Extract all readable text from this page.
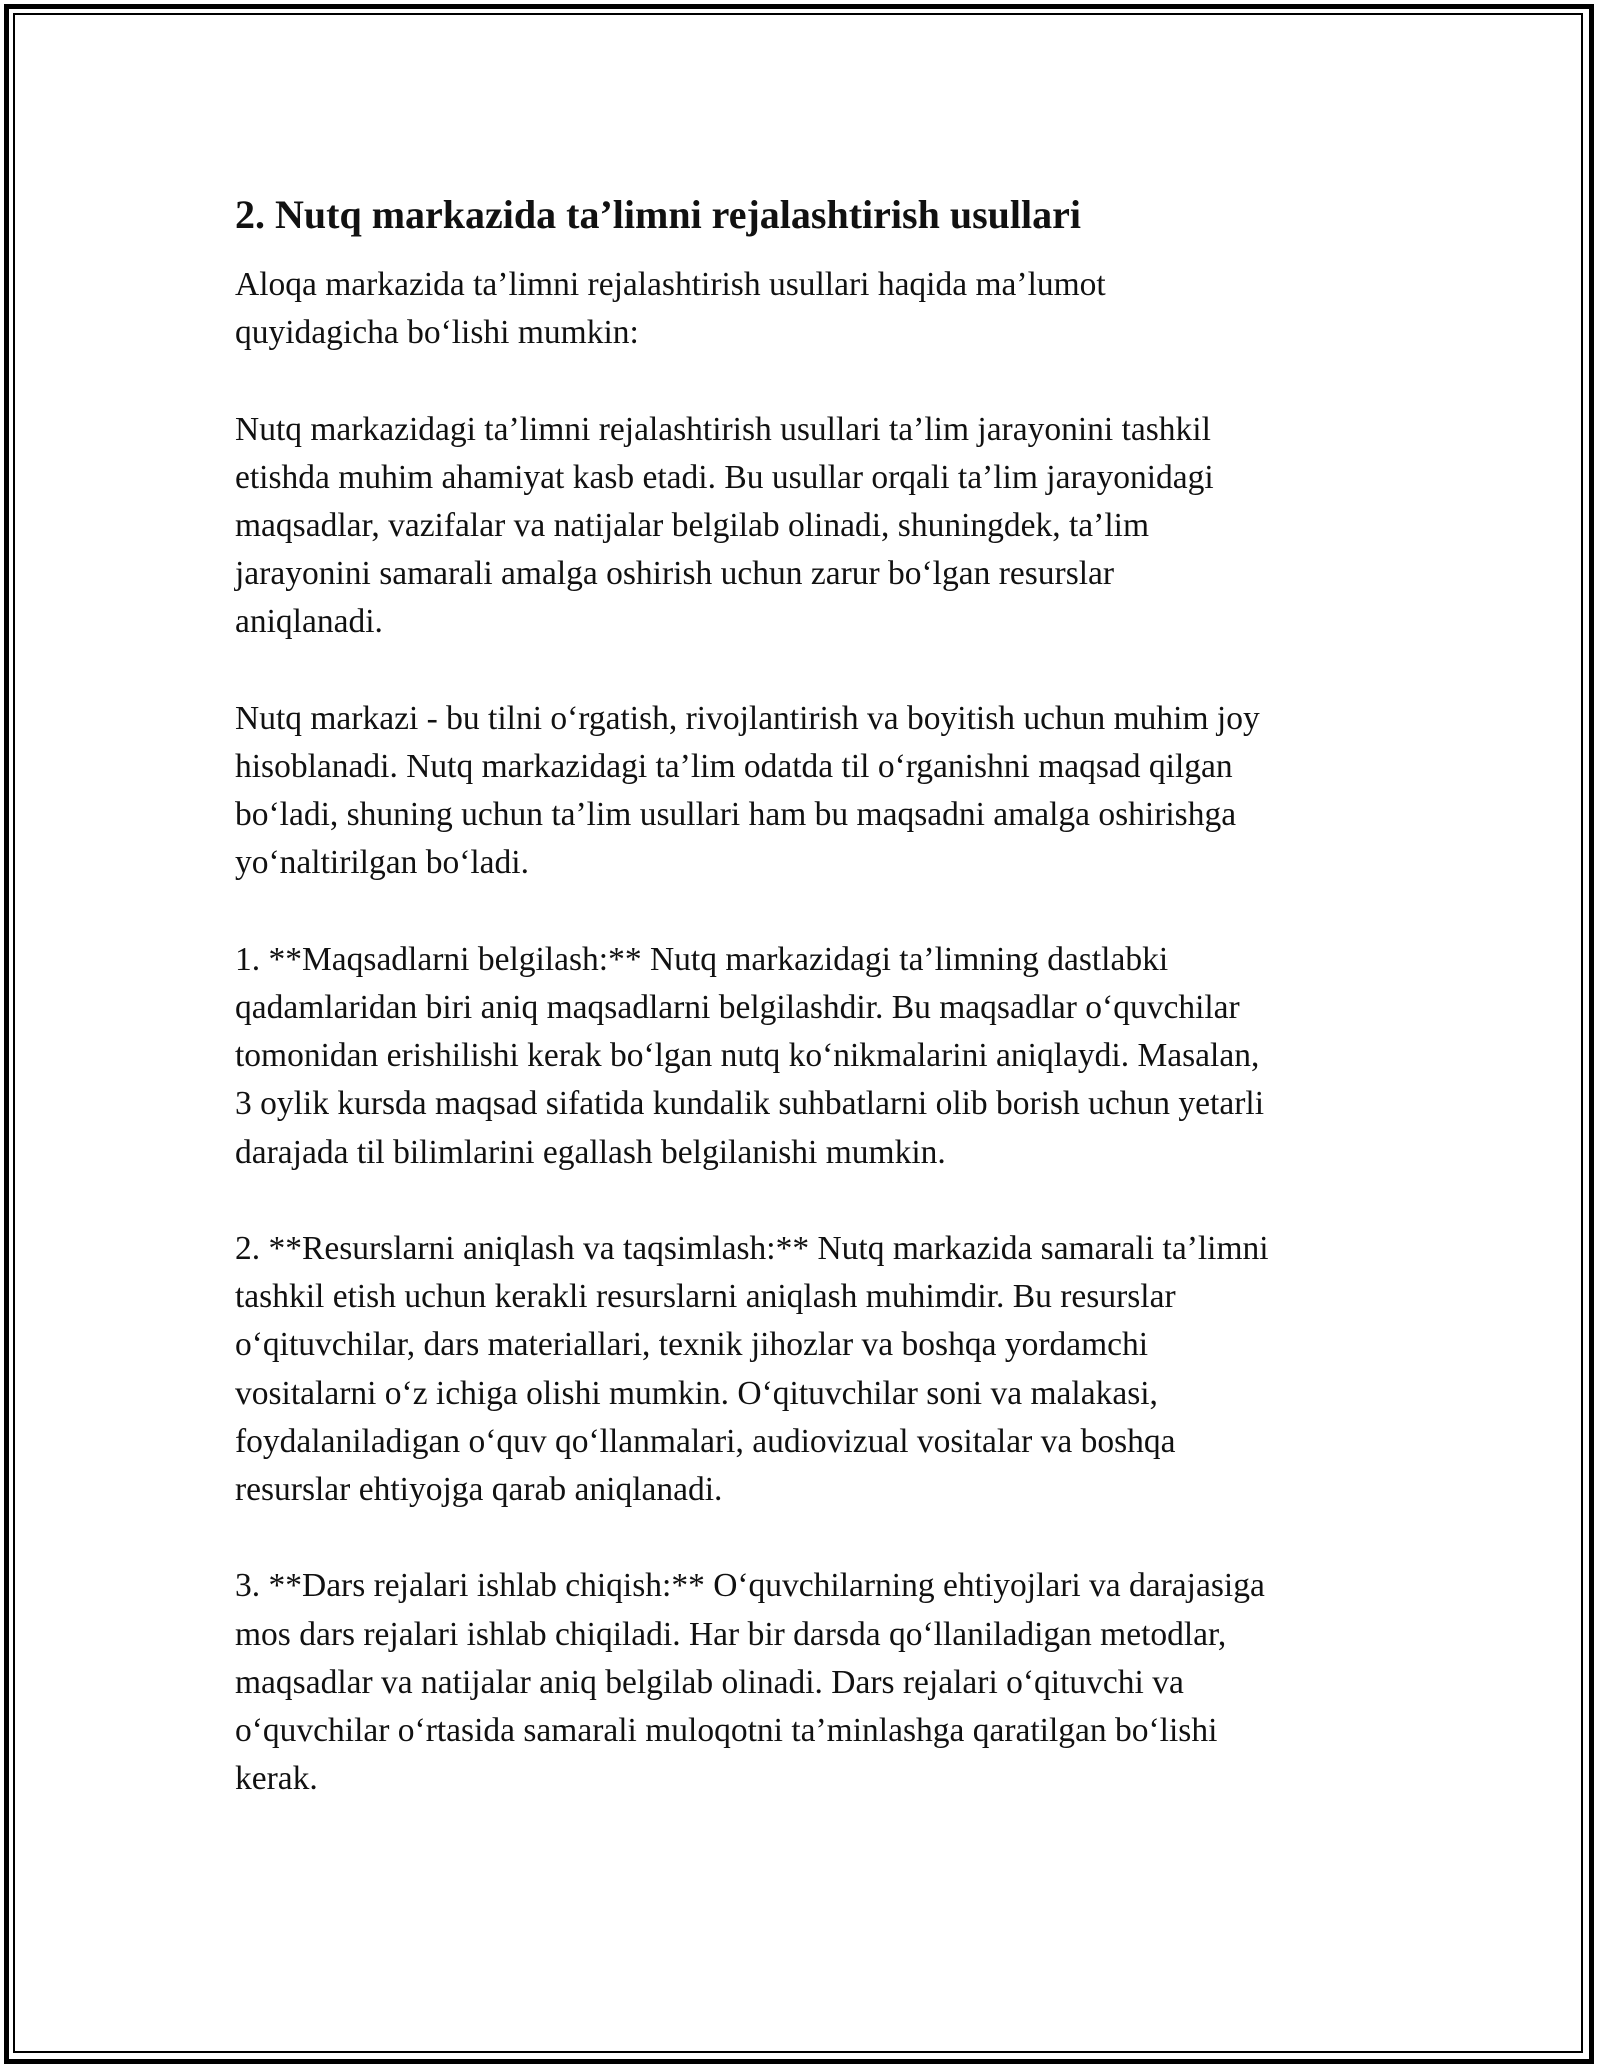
2. Nutq markazida ta’limni rejalashtirish usullari
Aloqa markazida ta’limni rejalashtirish usullari haqida ma’lumot
quyidagicha bo‘lishi mumkin:
Nutq markazidagi ta’limni rejalashtirish usullari ta’lim jarayonini tashkil
etishda muhim ahamiyat kasb etadi. Bu usullar orqali ta’lim jarayonidagi
maqsadlar, vazifalar va natijalar belgilab olinadi, shuningdek, ta’lim
jarayonini samarali amalga oshirish uchun zarur bo‘lgan resurslar
aniqlanadi.
Nutq markazi - bu tilni o‘rgatish, rivojlantirish va boyitish uchun muhim joy
hisoblanadi. Nutq markazidagi ta’lim odatda til o‘rganishni maqsad qilgan
bo‘ladi, shuning uchun ta’lim usullari ham bu maqsadni amalga oshirishga
yo‘naltirilgan bo‘ladi.
1. **Maqsadlarni belgilash:** Nutq markazidagi ta’limning dastlabki
qadamlaridan biri aniq maqsadlarni belgilashdir. Bu maqsadlar o‘quvchilar
tomonidan erishilishi kerak bo‘lgan nutq ko‘nikmalarini aniqlaydi. Masalan,
3 oylik kursda maqsad sifatida kundalik suhbatlarni olib borish uchun yetarli
darajada til bilimlarini egallash belgilanishi mumkin.
2. **Resurslarni aniqlash va taqsimlash:** Nutq markazida samarali ta’limni
tashkil etish uchun kerakli resurslarni aniqlash muhimdir. Bu resurslar
o‘qituvchilar, dars materiallari, texnik jihozlar va boshqa yordamchi
vositalarni o‘z ichiga olishi mumkin. O‘qituvchilar soni va malakasi,
foydalaniladigan o‘quv qo‘llanmalari, audiovizual vositalar va boshqa
resurslar ehtiyojga qarab aniqlanadi.
3. **Dars rejalari ishlab chiqish:** O‘quvchilarning ehtiyojlari va darajasiga
mos dars rejalari ishlab chiqiladi. Har bir darsda qo‘llaniladigan metodlar,
maqsadlar va natijalar aniq belgilab olinadi. Dars rejalari o‘qituvchi va
o‘quvchilar o‘rtasida samarali muloqotni ta’minlashga qaratilgan bo‘lishi
kerak.
